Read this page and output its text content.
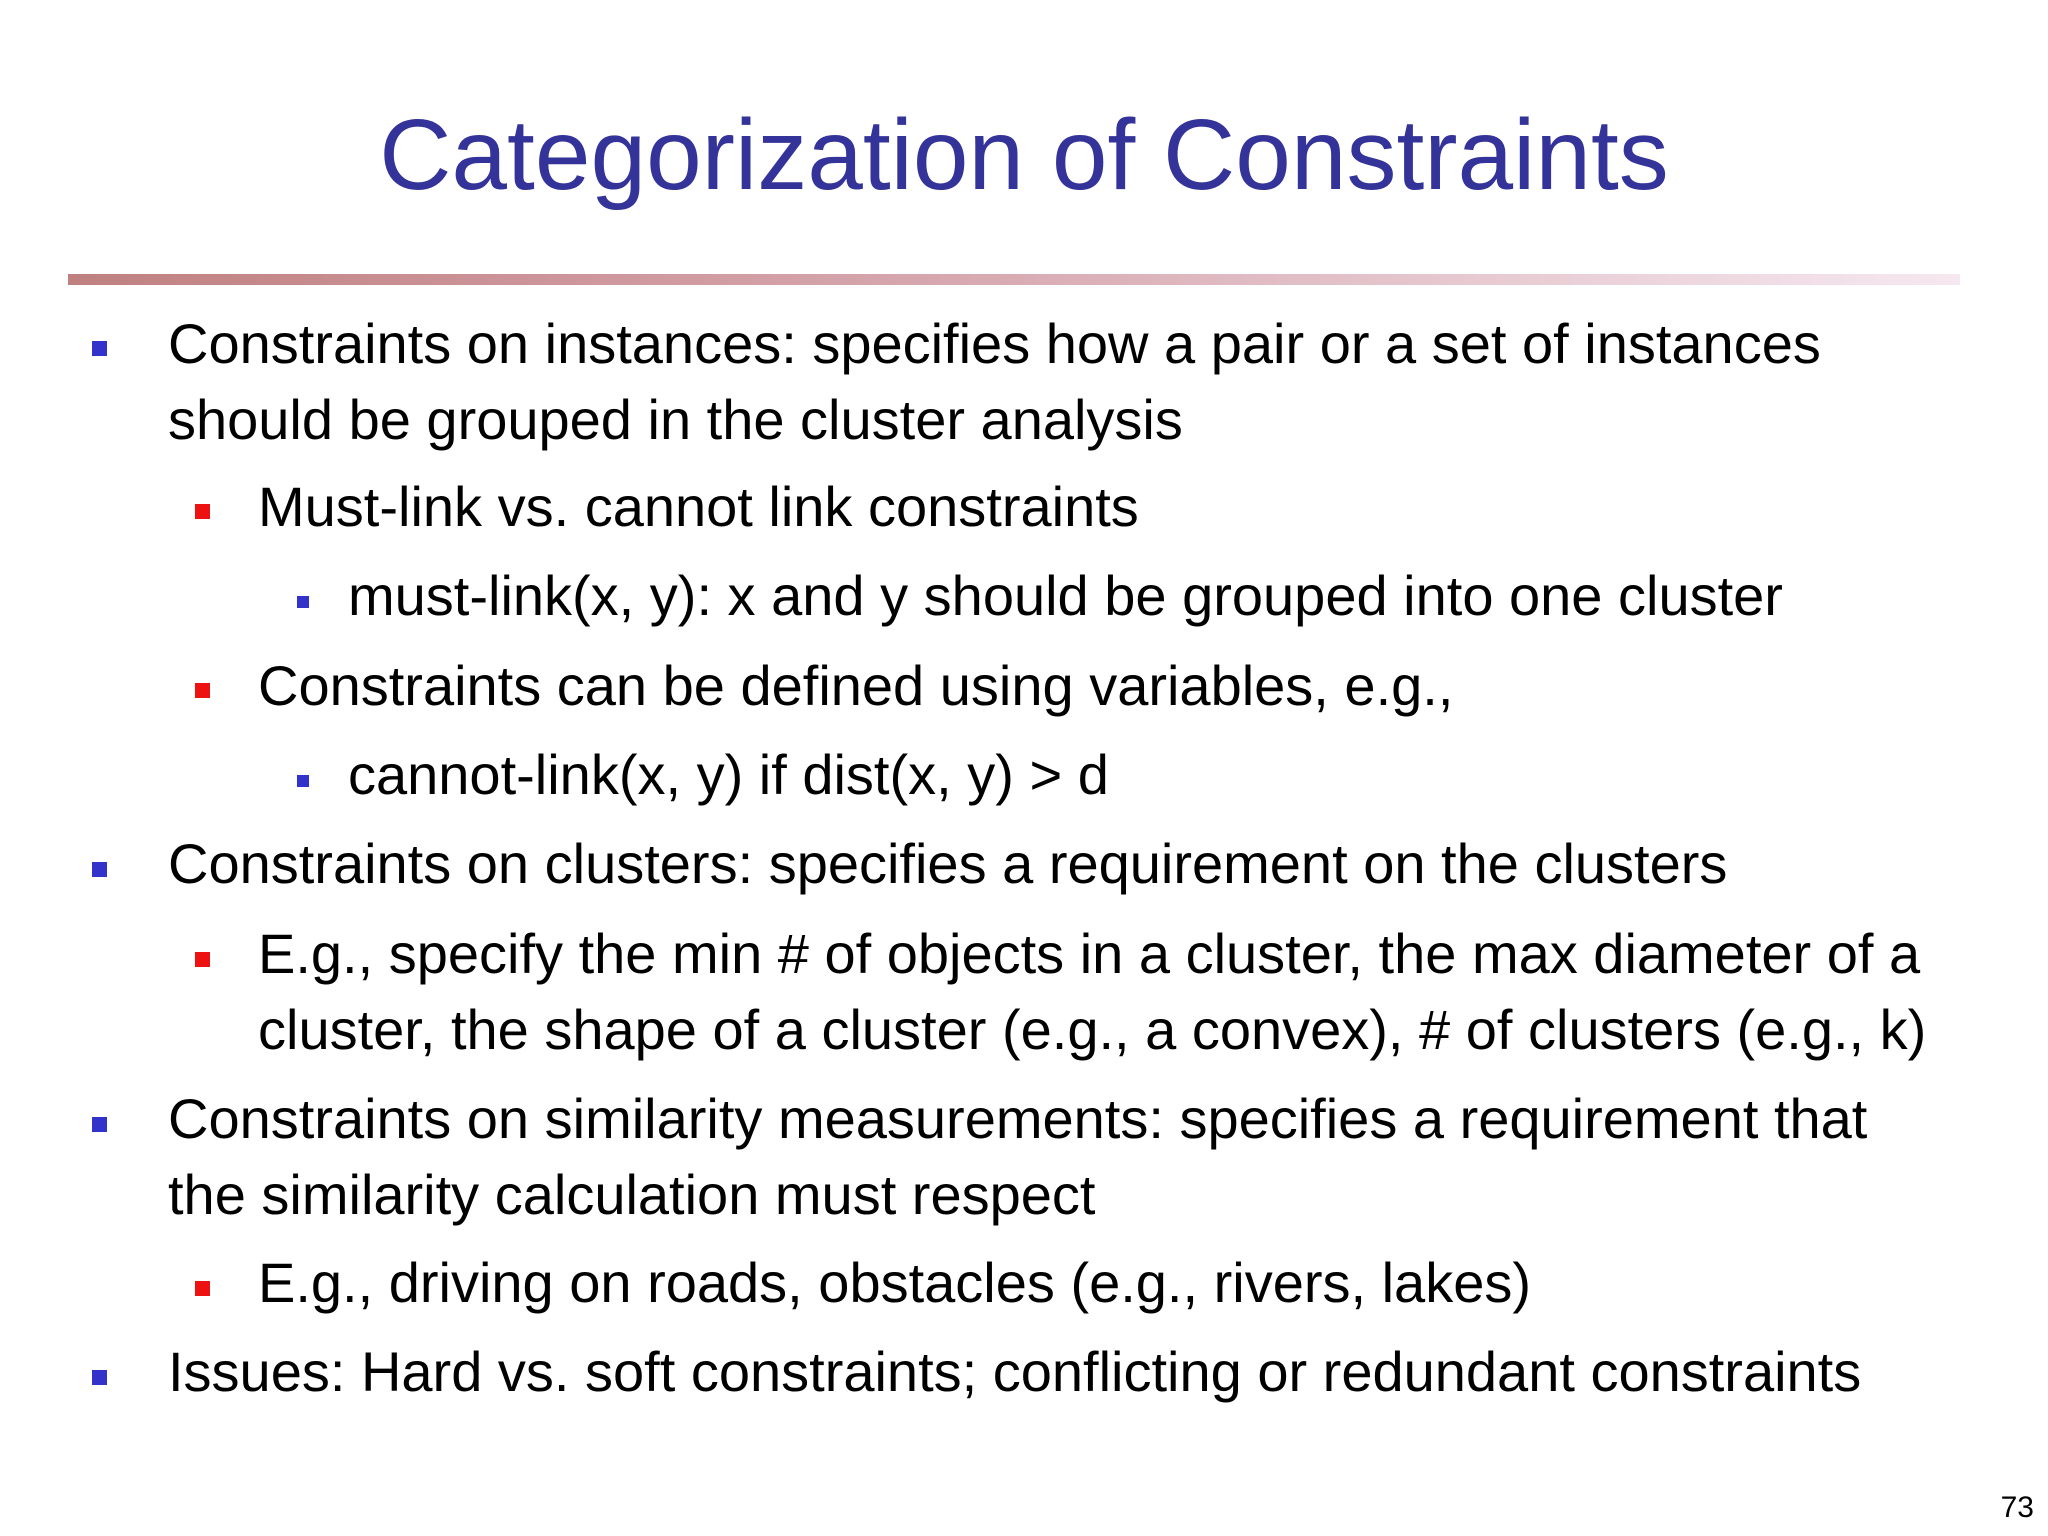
Categorization of Constraints
Constraints on instances: specifies how a pair or a set of instances
should be grouped in the cluster analysis
Must-link vs. cannot link constraints
must-link(x, y): x and y should be grouped into one cluster
Constraints can be defined using variables, e.g.,
cannot-link(x, y) if dist(x, y) > d
Constraints on clusters: specifies a requirement on the clusters
E.g., specify the min # of objects in a cluster, the max diameter of a
cluster, the shape of a cluster (e.g., a convex), # of clusters (e.g., k)
Constraints on similarity measurements: specifies a requirement that
the similarity calculation must respect
E.g., driving on roads, obstacles (e.g., rivers, lakes)
Issues: Hard vs. soft constraints; conflicting or redundant constraints
73
